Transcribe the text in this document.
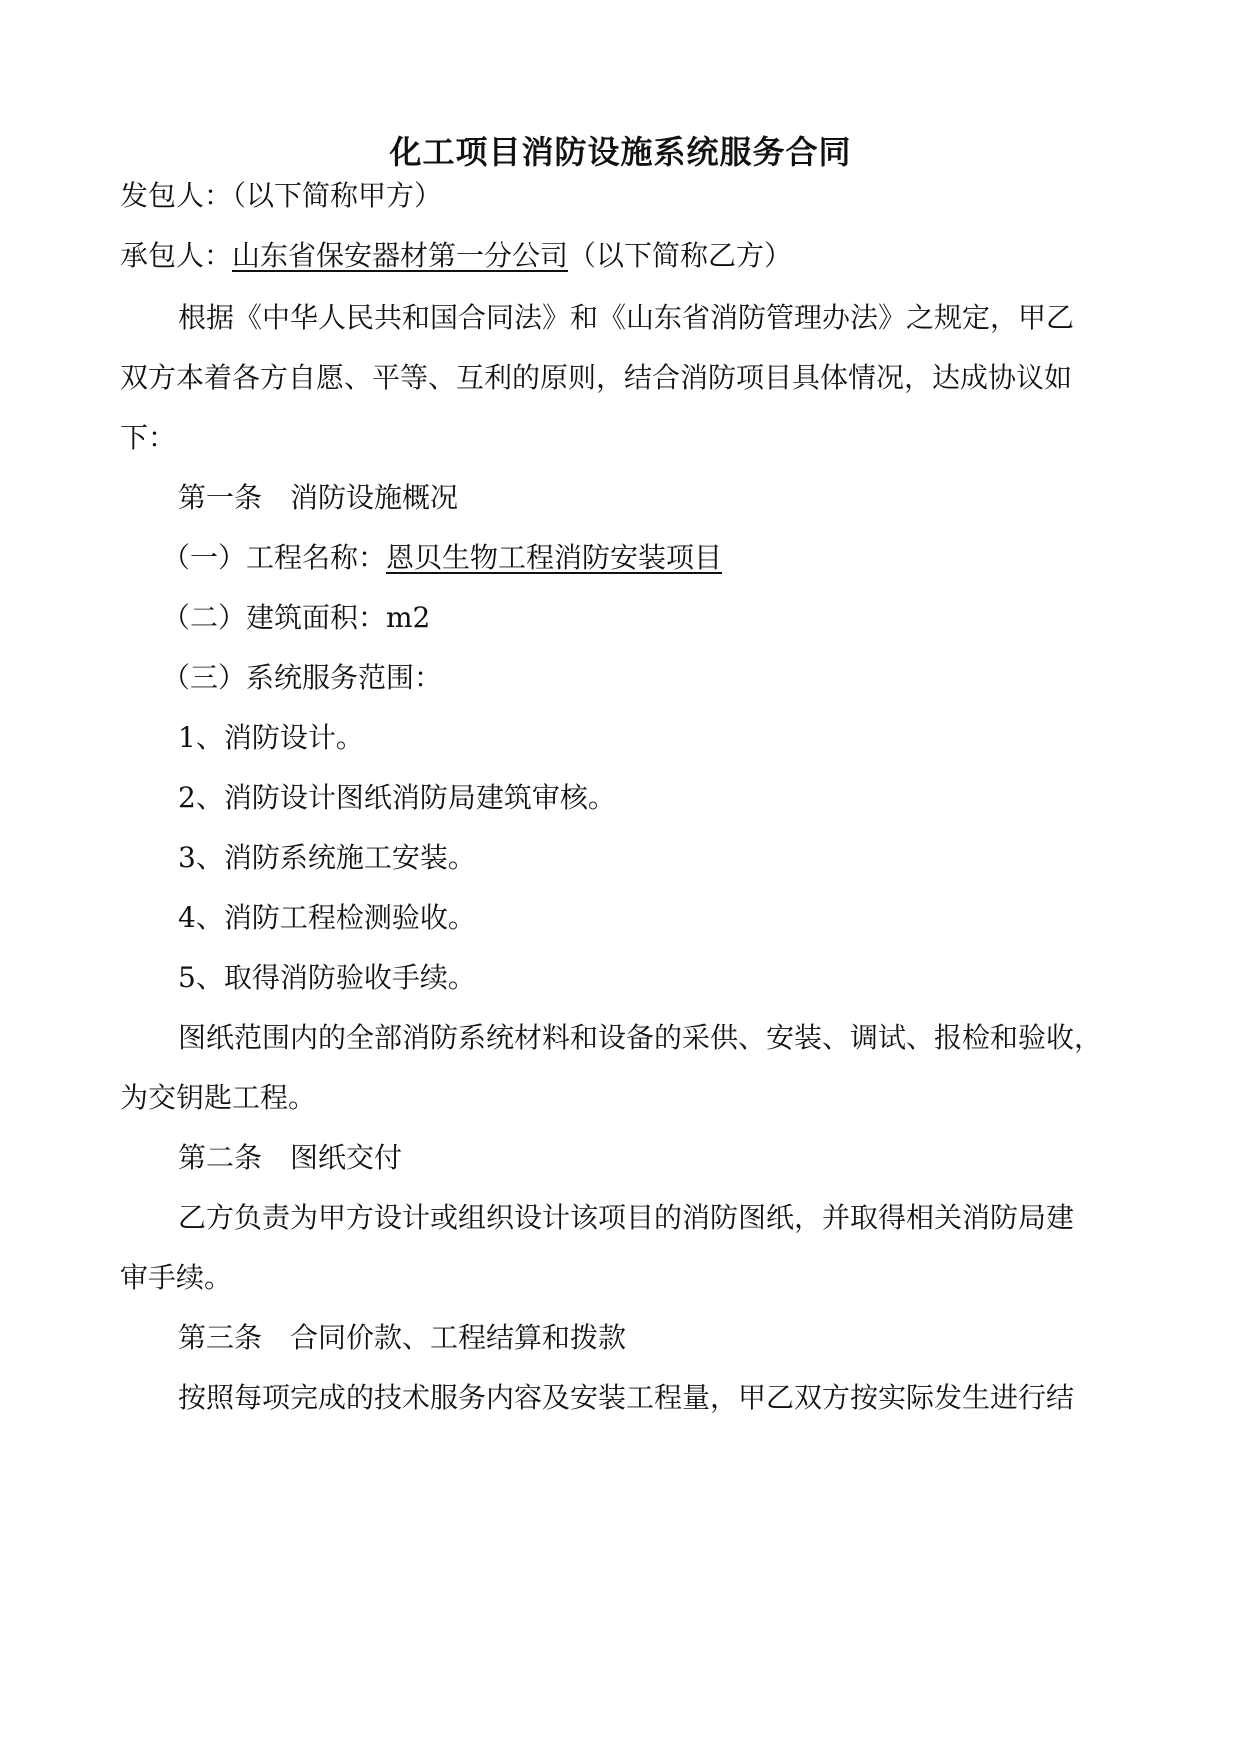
化工项目消防设施系统服务合同
发包人：（以下简称甲方）
承包人：山东省保安器材第一分公司（以下简称乙方）
根据《中华人民共和国合同法》和《山东省消防管理办法》之规定，甲乙
双方本着各方自愿、平等、互利的原则，结合消防项目具体情况，达成协议如
下：
第一条　消防设施概况
（一）工程名称：恩贝生物工程消防安装项目
（二）建筑面积：m2
（三）系统服务范围：
1、消防设计。
2、消防设计图纸消防局建筑审核。
3、消防系统施工安装。
4、消防工程检测验收。
5、取得消防验收手续。
图纸范围内的全部消防系统材料和设备的采供、安装、调试、报检和验收，
为交钥匙工程。
第二条　图纸交付
乙方负责为甲方设计或组织设计该项目的消防图纸，并取得相关消防局建
审手续。
第三条　合同价款、工程结算和拨款
按照每项完成的技术服务内容及安装工程量，甲乙双方按实际发生进行结
